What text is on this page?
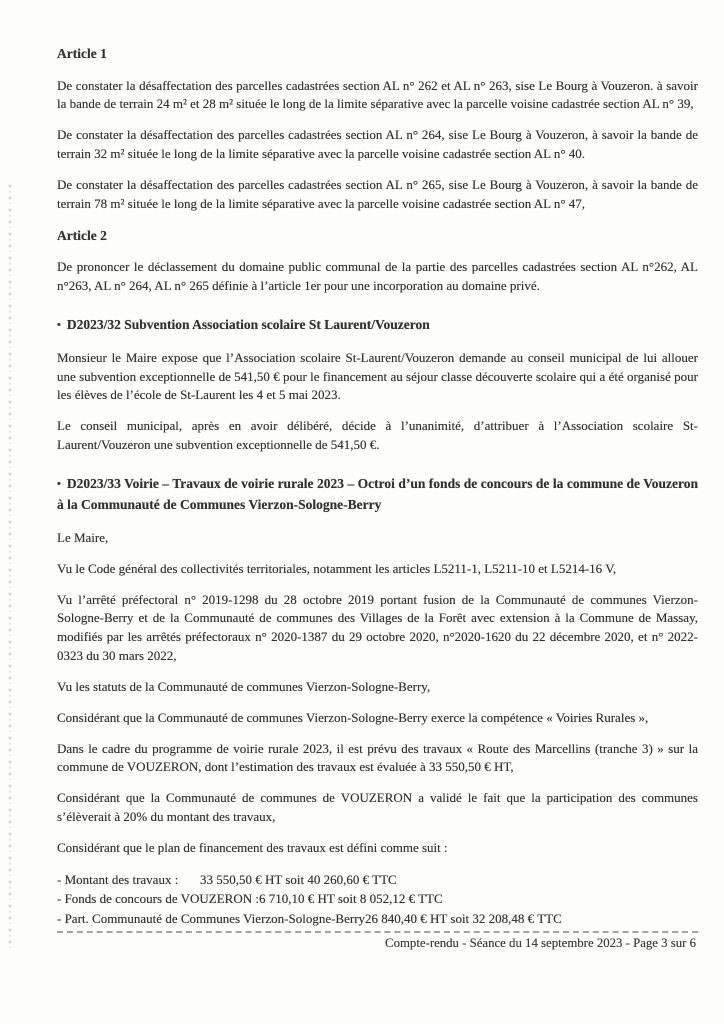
Article 1

De constater la désaffectation des parcelles cadastrées section AL n° 262 et AL n° 263, sise Le Bourg à Vouzeron. à savoir la bande de terrain 24 m² et 28 m² située le long de la limite séparative avec la parcelle voisine cadastrée section AL n° 39,

De constater la désaffectation des parcelles cadastrées section AL n° 264, sise Le Bourg à Vouzeron, à savoir la bande de terrain 32 m² située le long de la limite séparative avec la parcelle voisine cadastrée section AL n° 40.

De constater la désaffectation des parcelles cadastrées section AL n° 265, sise Le Bourg à Vouzeron, à savoir la bande de terrain 78 m² située le long de la limite séparative avec la parcelle voisine cadastrée section AL n° 47,

Article 2

De prononcer le déclassement du domaine public communal de la partie des parcelles cadastrées section AL n°262, AL n°263, AL n° 264, AL n° 265 définie à l’article 1er pour une incorporation au domaine privé.

• D2023/32 Subvention Association scolaire St Laurent/Vouzeron

Monsieur le Maire expose que l’Association scolaire St-Laurent/Vouzeron demande au conseil municipal de lui allouer une subvention exceptionnelle de 541,50 € pour le financement au séjour classe découverte scolaire qui a été organisé pour les élèves de l’école de St-Laurent les 4 et 5 mai 2023.

Le conseil municipal, après en avoir délibéré, décide à l’unanimité, d’attribuer à l’Association scolaire St-Laurent/Vouzeron une subvention exceptionnelle de 541,50 €.

• D2023/33 Voirie – Travaux de voirie rurale 2023 – Octroi d’un fonds de concours de la commune de Vouzeron à la Communauté de Communes Vierzon-Sologne-Berry

Le Maire,

Vu le Code général des collectivités territoriales, notamment les articles L5211-1, L5211-10 et L5214-16 V,

Vu l’arrêté préfectoral n° 2019-1298 du 28 octobre 2019 portant fusion de la Communauté de communes Vierzon-Sologne-Berry et de la Communauté de communes des Villages de la Forêt avec extension à la Commune de Massay, modifiés par les arrêtés préfectoraux n° 2020-1387 du 29 octobre 2020, n°2020-1620 du 22 décembre 2020, et n° 2022-0323 du 30 mars 2022,

Vu les statuts de la Communauté de communes Vierzon-Sologne-Berry,

Considérant que la Communauté de communes Vierzon-Sologne-Berry exerce la compétence « Voiries Rurales »,

Dans le cadre du programme de voirie rurale 2023, il est prévu des travaux « Route des Marcellins (tranche 3) » sur la commune de VOUZERON, dont l’estimation des travaux est évaluée à 33 550,50 € HT,

Considérant que la Communauté de communes de VOUZERON a validé le fait que la participation des communes s’élèverait à 20% du montant des travaux,

Considérant que le plan de financement des travaux est défini comme suit :

- Montant des travaux :	33 550,50 € HT soit 40 260,60 € TTC
- Fonds de concours de VOUZERON : 6 710,10 € HT soit 8 052,12 € TTC
- Part. Communauté de Communes Vierzon-Sologne-Berry 26 840,40 € HT soit 32 208,48 € TTC
Compte-rendu - Séance du 14 septembre 2023 - Page 3 sur 6
